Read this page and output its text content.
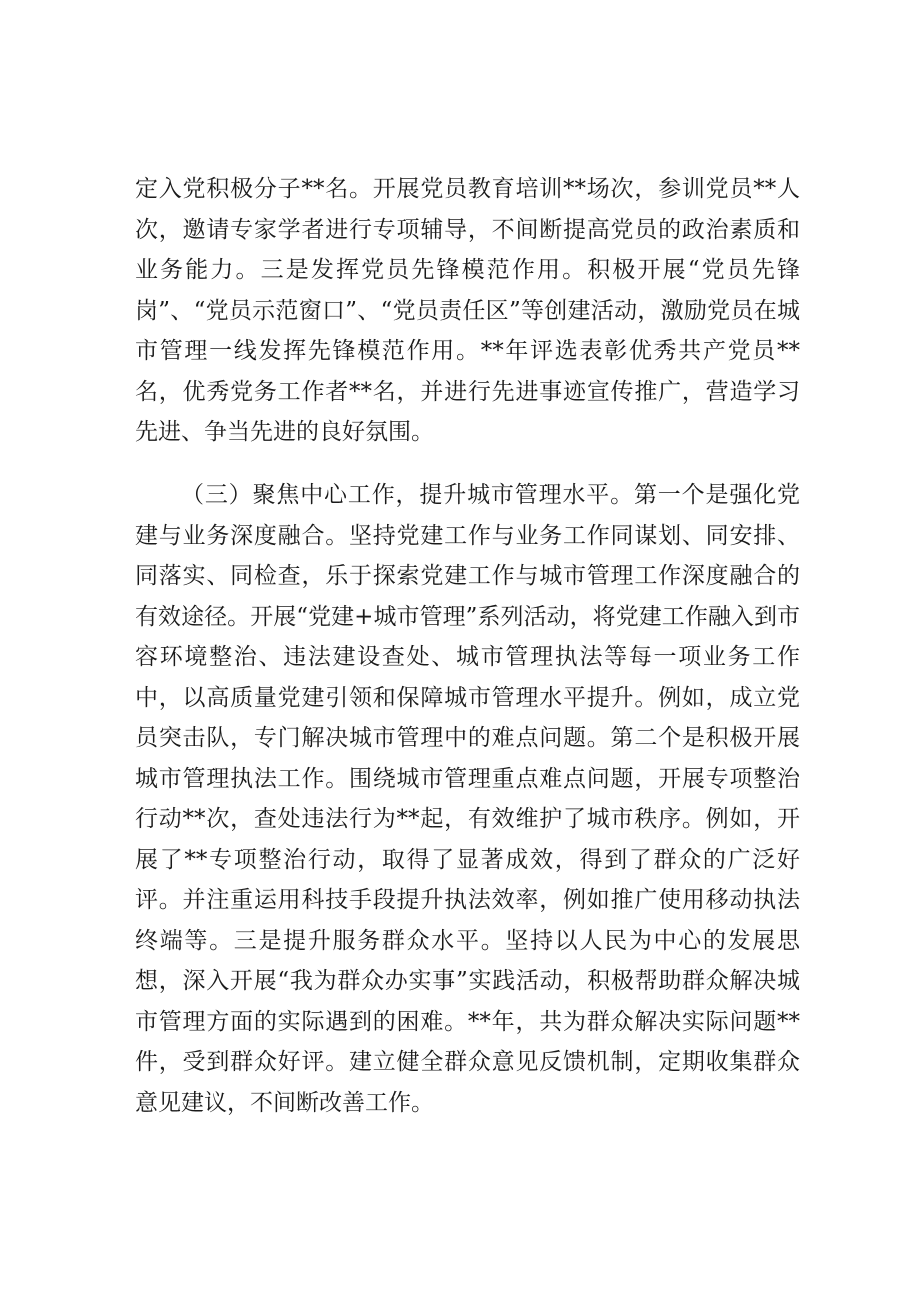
定入党积极分子**名。开展党员教育培训**场次，参训党员**人次，邀请专家学者进行专项辅导，不间断提高党员的政治素质和业务能力。三是发挥党员先锋模范作用。积极开展“党员先锋岗”、“党员示范窗口”、“党员责任区”等创建活动，激励党员在城市管理一线发挥先锋模范作用。**年评选表彰优秀共产党员**名，优秀党务工作者**名，并进行先进事迹宣传推广，营造学习先进、争当先进的良好氛围。

（三）聚焦中心工作，提升城市管理水平。第一个是强化党建与业务深度融合。坚持党建工作与业务工作同谋划、同安排、同落实、同检查，乐于探索党建工作与城市管理工作深度融合的有效途径。开展“党建+城市管理”系列活动，将党建工作融入到市容环境整治、违法建设查处、城市管理执法等每一项业务工作中，以高质量党建引领和保障城市管理水平提升。例如，成立党员突击队，专门解决城市管理中的难点问题。第二个是积极开展城市管理执法工作。围绕城市管理重点难点问题，开展专项整治行动**次，查处违法行为**起，有效维护了城市秩序。例如，开展了**专项整治行动，取得了显著成效，得到了群众的广泛好评。并注重运用科技手段提升执法效率，例如推广使用移动执法终端等。三是提升服务群众水平。坚持以人民为中心的发展思想，深入开展“我为群众办实事”实践活动，积极帮助群众解决城市管理方面的实际遇到的困难。**年，共为群众解决实际问题**件，受到群众好评。建立健全群众意见反馈机制，定期收集群众意见建议，不间断改善工作。
